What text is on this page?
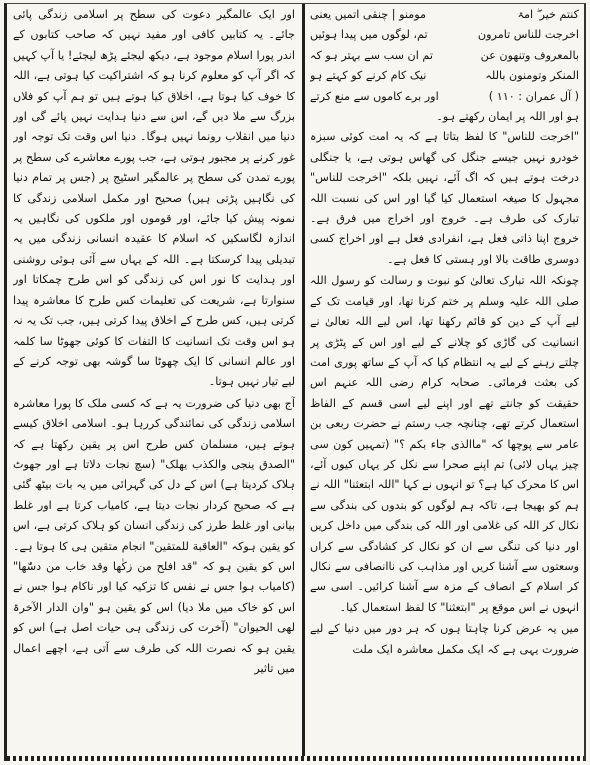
کنتم خیر ۖ امۃ
مومنو | چنقی اتمیں یعنی
اخرجت للناس تامرون
تم، لوگوں میں پیدا ہوئیں
بالمعروف وتنھون عن
تم ان سب سے بہتر ہو کہ
المنکر وتومنون باللہ
نیک کام کرنے کو کہتے ہو
( آل عمران : ۱۱۰ )
اور برے کاموں سے منع کرتے

ہو اور اللہ پر ایمان رکھتے ہو۔

"اخرجت للناس" کا لفظ بتاتا ہے کہ یہ امت کوئی سبزہ خودرو نہیں جیسے جنگل کی گھاس ہوتی ہے، یا جنگلی درخت ہوتے ہیں کہ اگ آئے، نہیں بلکہ "اخرجت للناس" مجہول کا صیغہ استعمال کیا گیا اور اس کی نسبت اللہ تبارک کی طرف ہے۔ خروج اور اخراج میں فرق ہے۔ خروج اپنا ذاتی فعل ہے، انفرادی فعل ہے اور اخراج کسی دوسری طاقت بالا اور ہستی کا فعل ہے۔

چونکہ اللہ تبارک تعالیٰ کو نبوت و رسالت کو رسول اللہ صلی اللہ علیہ وسلم پر ختم کرنا تھا، اور قیامت تک کے لیے آپ کے دین کو قائم رکھنا تھا، اس لیے اللہ تعالیٰ نے انسانیت کی گاڑی کو چلانے کے لیے اور اس کے پٹڑی پر چلتے رہنے کے لیے یہ انتظام کیا کہ آپ کے ساتھ پوری امت کی بعثت فرمائی۔ صحابہ کرام رضی اللہ عنہم اس حقیقت کو جانتے تھے اور اپنے لیے اسی قسم کے الفاظ استعمال کرتے تھے، چنانچہ جب رستم نے حضرت ربعی بن عامر سے پوچھا کہ "ماالذی جاء بکم ؟" (تمہیں کون سی چیز یہاں لائی) تم اپنے صحرا سے نکل کر یہاں کیوں آئے، اس کا محرک کیا ہے؟ تو انہوں نے کہا "اللہ ابتعثنا" اللہ نے ہم کو بھیجا ہے، تاکہ ہم لوگوں کو بندوں کی بندگی سے نکال کر اللہ کی غلامی اور اللہ کی بندگی میں داخل کریں اور دنیا کی تنگی سے ان کو نکال کر کشادگی سے کراں وسعتوں سے آشنا کریں اور مذاہب کی ناانصافی سے نکال کر اسلام کے انصاف کے مزہ سے آشنا کرائیں۔ اسی سے انہوں نے اس موقع پر "ابتعثنا" کا لفظ استعمال کیا۔

میں یہ عرض کرنا چاہتا ہوں کہ ہر دور میں دنیا کے لیے ضرورت یہی ہے کہ ایک مکمل معاشرہ ایک ملت

اور ایک عالمگیر دعوت کی سطح پر اسلامی زندگی پائی جائے۔ یہ کتابیں کافی اور مفید نہیں کہ صاحب کتابوں کے اندر پورا اسلام موجود ہے، دیکھ لیجئے پڑھ لیجئے! یا آپ کہیں کہ اگر آپ کو معلوم کرنا ہو کہ اشتراکیت کیا ہوتی ہے، اللہ کا خوف کیا ہوتا ہے، اخلاق کیا ہوتے ہیں تو ہم آپ کو فلاں بزرگ سے ملا دیں گے، اس سے دنیا ہدایت نہیں پائے گی اور دنیا میں انقلاب رونما نہیں ہوگا۔ دنیا اس وقت تک توجہ اور غور کرنے پر مجبور ہوتی ہے، جب پورے معاشرے کی سطح پر پورے تمدن کی سطح پر عالمگیر اسٹیج پر (جس پر تمام دنیا کی نگاہیں پڑتی ہیں) صحیح اور مکمل اسلامی زندگی کا نمونہ پیش کیا جائے، اور قوموں اور ملکوں کی نگاہیں یہ اندازہ لگاسکیں کہ اسلام کا عقیدہ انسانی زندگی میں یہ تبدیلی پیدا کرسکتا ہے۔ اللہ کے یہاں سے آئی ہوئی روشنی اور ہدایت کا نور اس کی زندگی کو اس طرح چمکاتا اور سنوارتا ہے، شریعت کی تعلیمات کس طرح کا معاشرہ پیدا کرتی ہیں، کس طرح کے اخلاق پیدا کرتی ہیں، جب تک یہ نہ ہو اس وقت تک انسانیت کا التفات کا کوئی جھوٹا سا کلمہ اور عالم انسانی کا ایک چھوٹا سا گوشہ بھی توجہ کرنے کے لیے تیار نہیں ہوتا۔

آج بھی دنیا کی ضرورت یہ ہے کہ کسی ملک کا پورا معاشرہ اسلامی زندگی کی نمائندگی کررہا ہو۔ اسلامی اخلاق کیسے ہوتے ہیں، مسلمان کس طرح اس پر یقین رکھتا ہے کہ "الصدق ینجی والکذب یھلک" (سچ نجات دلاتا ہے اور جھوٹ ہلاک کردیتا ہے) اس کے دل کی گہرائی میں یہ بات بیٹھ گئی ہے کہ صحیح کردار نجات دیتا ہے، کامیاب کرتا ہے اور غلط بیانی اور غلط طرز کی زندگی انسان کو ہلاک کرتی ہے، اس کو یقین ہوکہ "العاقبة للمتقین" انجام متقین ہی کا ہوتا ہے۔ اس کو یقین ہو کہ "قد افلح من زکٰھا وقد خاب من دسّٰھا" (کامیاب ہوا جس نے نفس کا تزکیہ کیا اور ناکام ہوا جس نے اس کو خاک میں ملا دیا) اس کو یقین ہو "وان الدار الآخرۃ لھی الحیوان" (آخرت کی زندگی ہی حیات اصل ہے) اس کو یقین ہو کہ نصرت اللہ کی طرف سے آتی ہے، اچھے اعمال میں تاثیر
